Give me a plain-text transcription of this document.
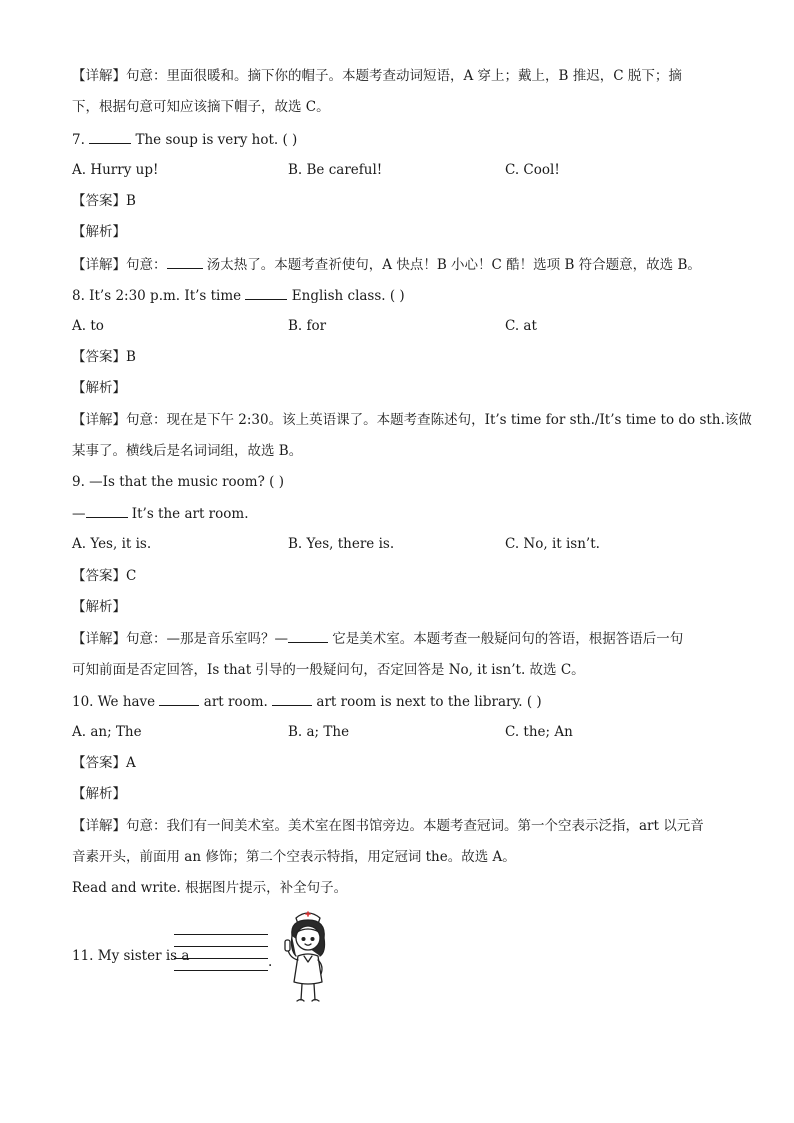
【详解】句意：里面很暖和。摘下你的帽子。本题考查动词短语，A 穿上；戴上，B 推迟，C 脱下；摘
下，根据句意可知应该摘下帽子，故选 C。
7.	The soup is very hot. ( )
A. Hurry up!	B. Be careful!	C. Cool!
【答案】B
【解析】
【详解】句意：	汤太热了。本题考查祈使句，A 快点！B 小心！C 酷！选项 B 符合题意，故选 B。
8. It’s 2:30 p.m. It’s time	English class. ( )
A. to	B. for	C. at
【答案】B
【解析】
【详解】句意：现在是下午 2:30。该上英语课了。本题考查陈述句，It’s time for sth./It’s time to do sth.该做
某事了。横线后是名词词组，故选 B。
9. —Is that the music room? ( )
—	It’s the art room.
A. Yes, it is.	B. Yes, there is.	C. No, it isn’t.
【答案】C
【解析】
【详解】句意：—那是音乐室吗？—	它是美术室。本题考查一般疑问句的答语，根据答语后一句
可知前面是否定回答，Is that 引导的一般疑问句，否定回答是 No, it isn’t. 故选 C。
10. We have	art room.	art room is next to the library. ( )
A. an; The	B. a; The	C. the; An
【答案】A
【解析】
【详解】句意：我们有一间美术室。美术室在图书馆旁边。本题考查冠词。第一个空表示泛指，art 以元音
音素开头，前面用 an 修饰；第二个空表示特指，用定冠词 the。故选 A。
Read and write. 根据图片提示，补全句子。
11. My sister is a	.
